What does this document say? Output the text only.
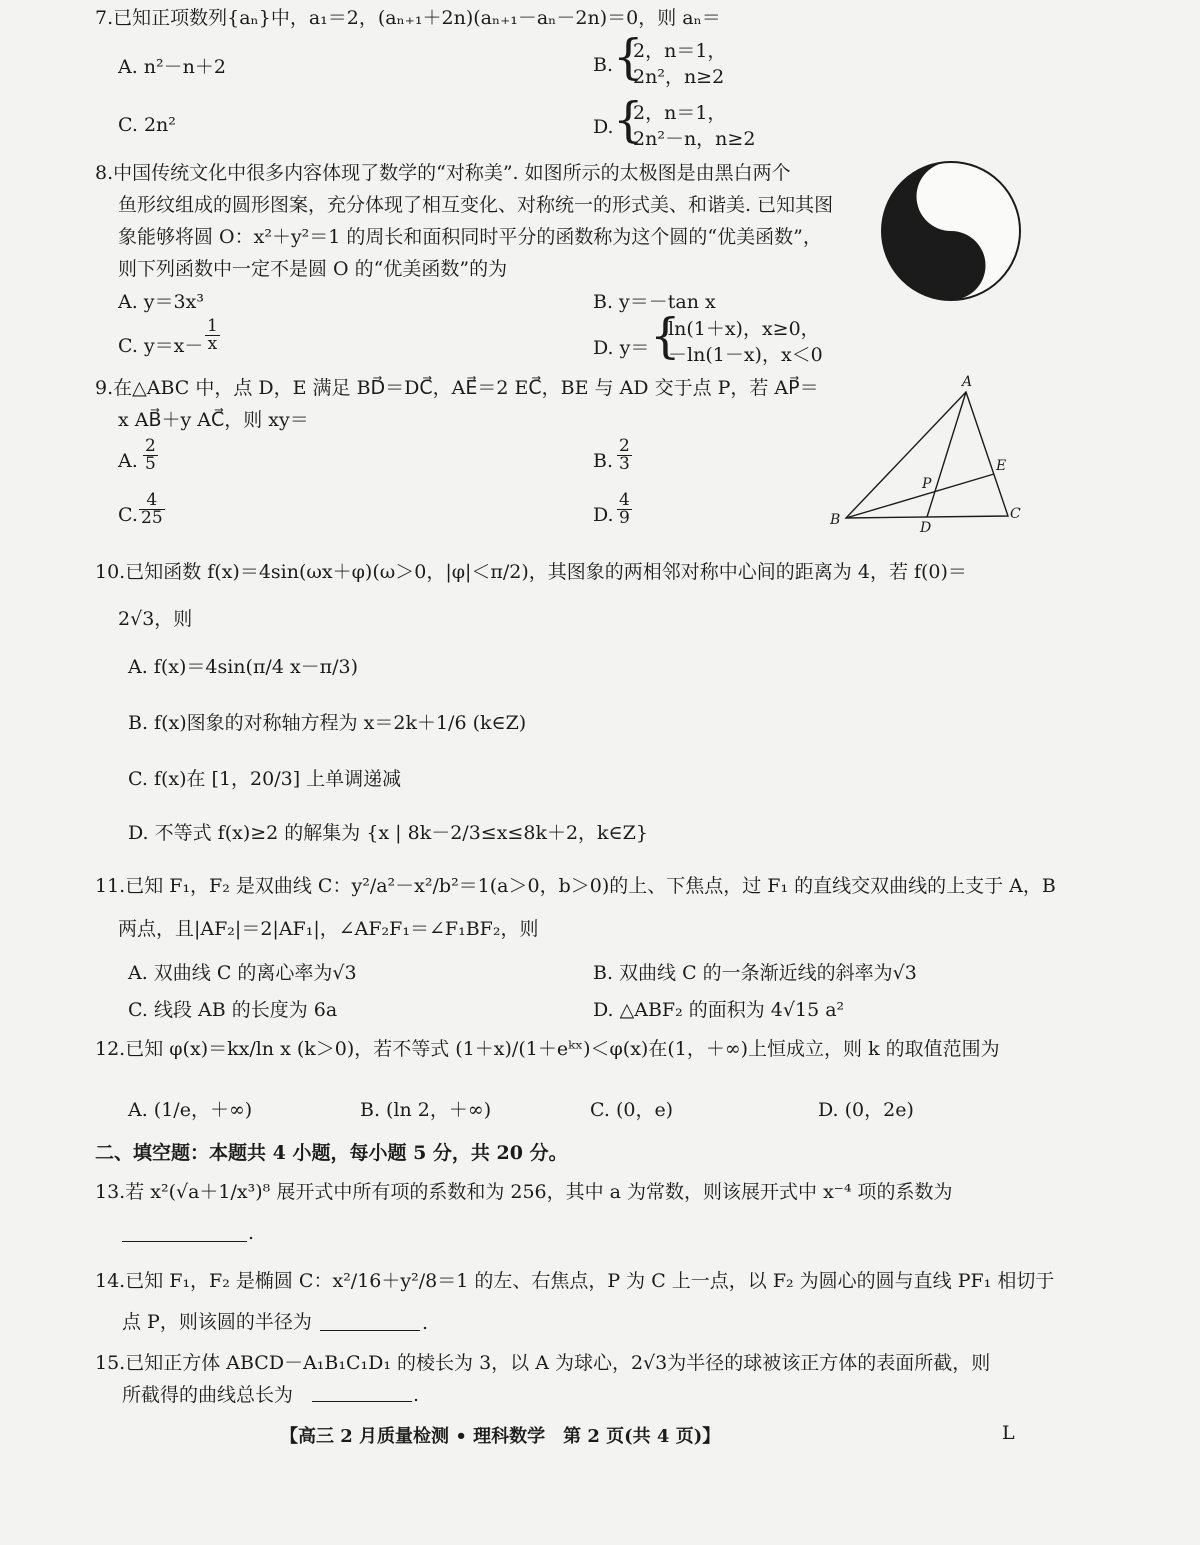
7.已知正项数列{aₙ}中，a₁＝2，(aₙ₊₁＋2n)(aₙ₊₁－aₙ－2n)＝0，则 aₙ＝
A. n²－n＋2	B. {
2，n＝1，
2n²，n≥2
C. 2n²	D. {
2，n＝1，
2n²－n，n≥2
8.中国传统文化中很多内容体现了数学的“对称美”. 如图所示的太极图是由黑白两个
鱼形纹组成的圆形图案，充分体现了相互变化、对称统一的形式美、和谐美. 已知其图
象能够将圆 O：x²＋y²＝1 的周长和面积同时平分的函数称为这个圆的“优美函数”，
则下列函数中一定不是圆 O 的“优美函数”的为
A. y＝3x³	B. y＝－tan x
C. $y=x- \frac{1}{x}$	D. y＝ {
ln(1＋x)，x≥0，
－ln(1－x)，x＜0
9.在△ABC 中，点 D，E 满足 BD⃗＝DC⃗，AE⃗＝2 EC⃗，BE 与 AD 交于点 P，若 AP⃗＝
x AB⃗＋y AC⃗，则 xy＝
A. $\frac{2}{5}$	B. $\frac{2}{3}$
C. $\frac{4}{25}$	D. $\frac{4}{9}$
A
B	C
D
E
P
10.已知函数 f(x)＝4sin(ωx＋φ)(ω＞0，|φ|＜π/2)，其图象的两相邻对称中心间的距离为 4，若 f(0)＝
2√3，则
A. f(x)＝4sin(π/4 x－π/3)
B. f(x)图象的对称轴方程为 x＝2k＋1/6 (k∈Z)
C. f(x)在 [1，20/3] 上单调递减
D. 不等式 f(x)≥2 的解集为 {x | 8k－2/3≤x≤8k＋2，k∈Z}
11.已知 F₁，F₂ 是双曲线 C：y²/a²－x²/b²＝1(a＞0，b＞0)的上、下焦点，过 F₁ 的直线交双曲线的上支于 A，B
两点，且|AF₂|＝2|AF₁|，∠AF₂F₁＝∠F₁BF₂，则
A. 双曲线 C 的离心率为√3	B. 双曲线 C 的一条渐近线的斜率为√3
C. 线段 AB 的长度为 6a	D. △ABF₂ 的面积为 4√15 a²
12.已知 φ(x)＝kx/ln x (k＞0)，若不等式 (1＋x)/(1＋eᵏˣ)＜φ(x)在(1，＋∞)上恒成立，则 k 的取值范围为
A. (1/e，＋∞)	B. (ln 2，＋∞)	C. (0，e)	D. (0，2e)
二、填空题：本题共 4 小题，每小题 5 分，共 20 分。
13.若 x²(√a＋1/x³)⁸ 展开式中所有项的系数和为 256，其中 a 为常数，则该展开式中 x⁻⁴ 项的系数为
.
14.已知 F₁，F₂ 是椭圆 C：x²/16＋y²/8＝1 的左、右焦点，P 为 C 上一点，以 F₂ 为圆心的圆与直线 PF₁ 相切于
点 P，则该圆的半径为	.
15.已知正方体 ABCD－A₁B₁C₁D₁ 的棱长为 3，以 A 为球心，2√3为半径的球被该正方体的表面所截，则
所截得的曲线总长为	.
【高三 2 月质量检测 • 理科数学　第 2 页(共 4 页)】	L
